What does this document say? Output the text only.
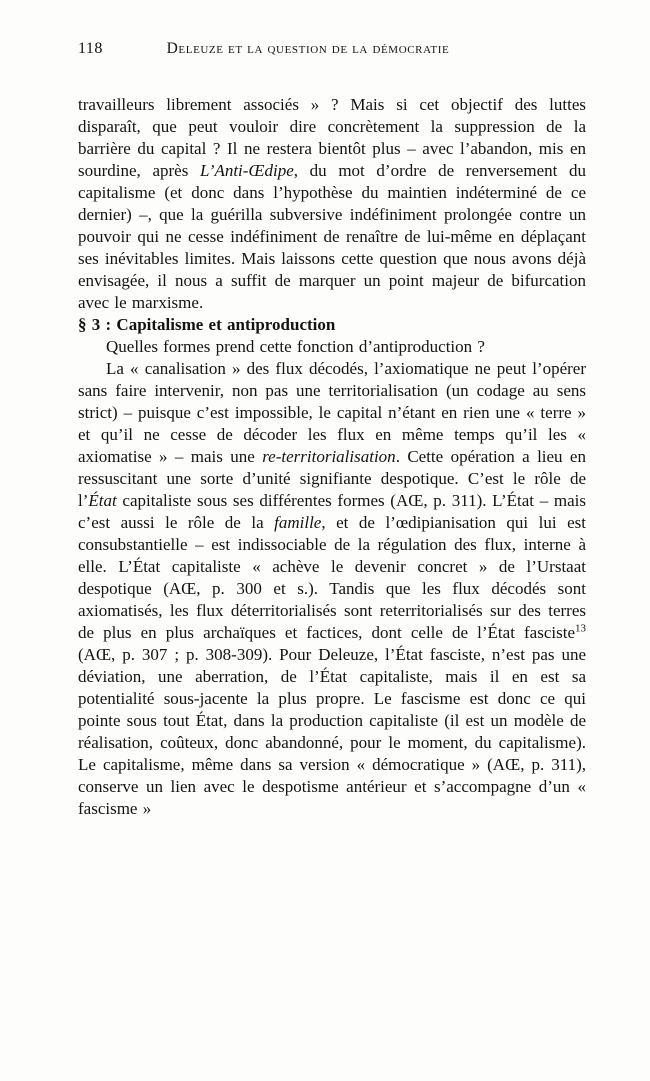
118	Deleuze et la question de la démocratie

travailleurs librement associés » ? Mais si cet objectif des luttes disparaît, que peut vouloir dire concrètement la suppression de la barrière du capital ? Il ne restera bientôt plus – avec l’abandon, mis en sourdine, après L’Anti-Œdipe, du mot d’ordre de renversement du capitalisme (et donc dans l’hypothèse du maintien indéterminé de ce dernier) –, que la guérilla subversive indéfiniment prolongée contre un pouvoir qui ne cesse indéfiniment de renaître de lui-même en déplaçant ses inévitables limites. Mais laissons cette question que nous avons déjà envisagée, il nous a suffit de marquer un point majeur de bifurcation avec le marxisme.

§ 3 : Capitalisme et antiproduction

Quelles formes prend cette fonction d’antiproduction ?

La « canalisation » des flux décodés, l’axiomatique ne peut l’opérer sans faire intervenir, non pas une territorialisation (un codage au sens strict) – puisque c’est impossible, le capital n’étant en rien une « terre » et qu’il ne cesse de décoder les flux en même temps qu’il les « axiomatise » – mais une re-territorialisation. Cette opération a lieu en ressuscitant une sorte d’unité signifiante despotique. C’est le rôle de l’État capitaliste sous ses différentes formes (AŒ, p. 311). L’État – mais c’est aussi le rôle de la famille, et de l’œdipianisation qui lui est consubstantielle – est indissociable de la régulation des flux, interne à elle. L’État capitaliste « achève le devenir concret » de l’Urstaat despotique (AŒ, p. 300 et s.). Tandis que les flux décodés sont axiomatisés, les flux déterritorialisés sont reterritorialisés sur des terres de plus en plus archaïques et factices, dont celle de l’État fasciste$^{13}$ (AŒ, p. 307 ; p. 308-309). Pour Deleuze, l’État fasciste, n’est pas une déviation, une aberration, de l’État capitaliste, mais il en est sa potentialité sous-jacente la plus propre. Le fascisme est donc ce qui pointe sous tout État, dans la production capitaliste (il est un modèle de réalisation, coûteux, donc abandonné, pour le moment, du capitalisme). Le capitalisme, même dans sa version « démocratique » (AŒ, p. 311), conserve un lien avec le despotisme antérieur et s’accompagne d’un « fascisme »
